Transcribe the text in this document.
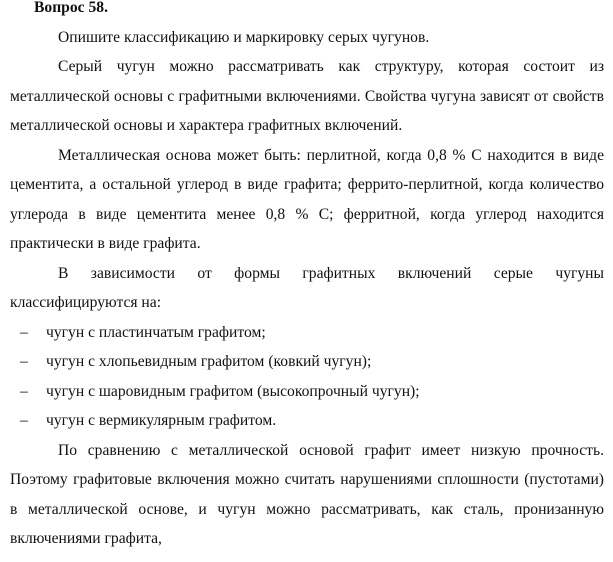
Вопрос 58.

Опишите классификацию и маркировку серых чугунов.

Серый чугун можно рассматривать как структуру, которая состоит из металлической основы с графитными включениями. Свойства чугуна зависят от свойств металлической основы и характера графитных включений.

Металлическая основа может быть: перлитной, когда 0,8 % С находится в виде цементита, а остальной углерод в виде графита; феррито-перлитной, когда количество углерода в виде цементита менее 0,8 % С; ферритной, когда углерод находится практически в виде графита.

В зависимости от формы графитных включений серые чугуны классифицируются на:

– чугун с пластинчатым графитом;
– чугун с хлопьевидным графитом (ковкий чугун);
– чугун с шаровидным графитом (высокопрочный чугун);
– чугун с вермикулярным графитом.

По сравнению с металлической основой графит имеет низкую прочность. Поэтому графитовые включения можно считать нарушениями сплошности (пустотами) в металлической основе, и чугун можно рассматривать, как сталь, пронизанную включениями графита,
